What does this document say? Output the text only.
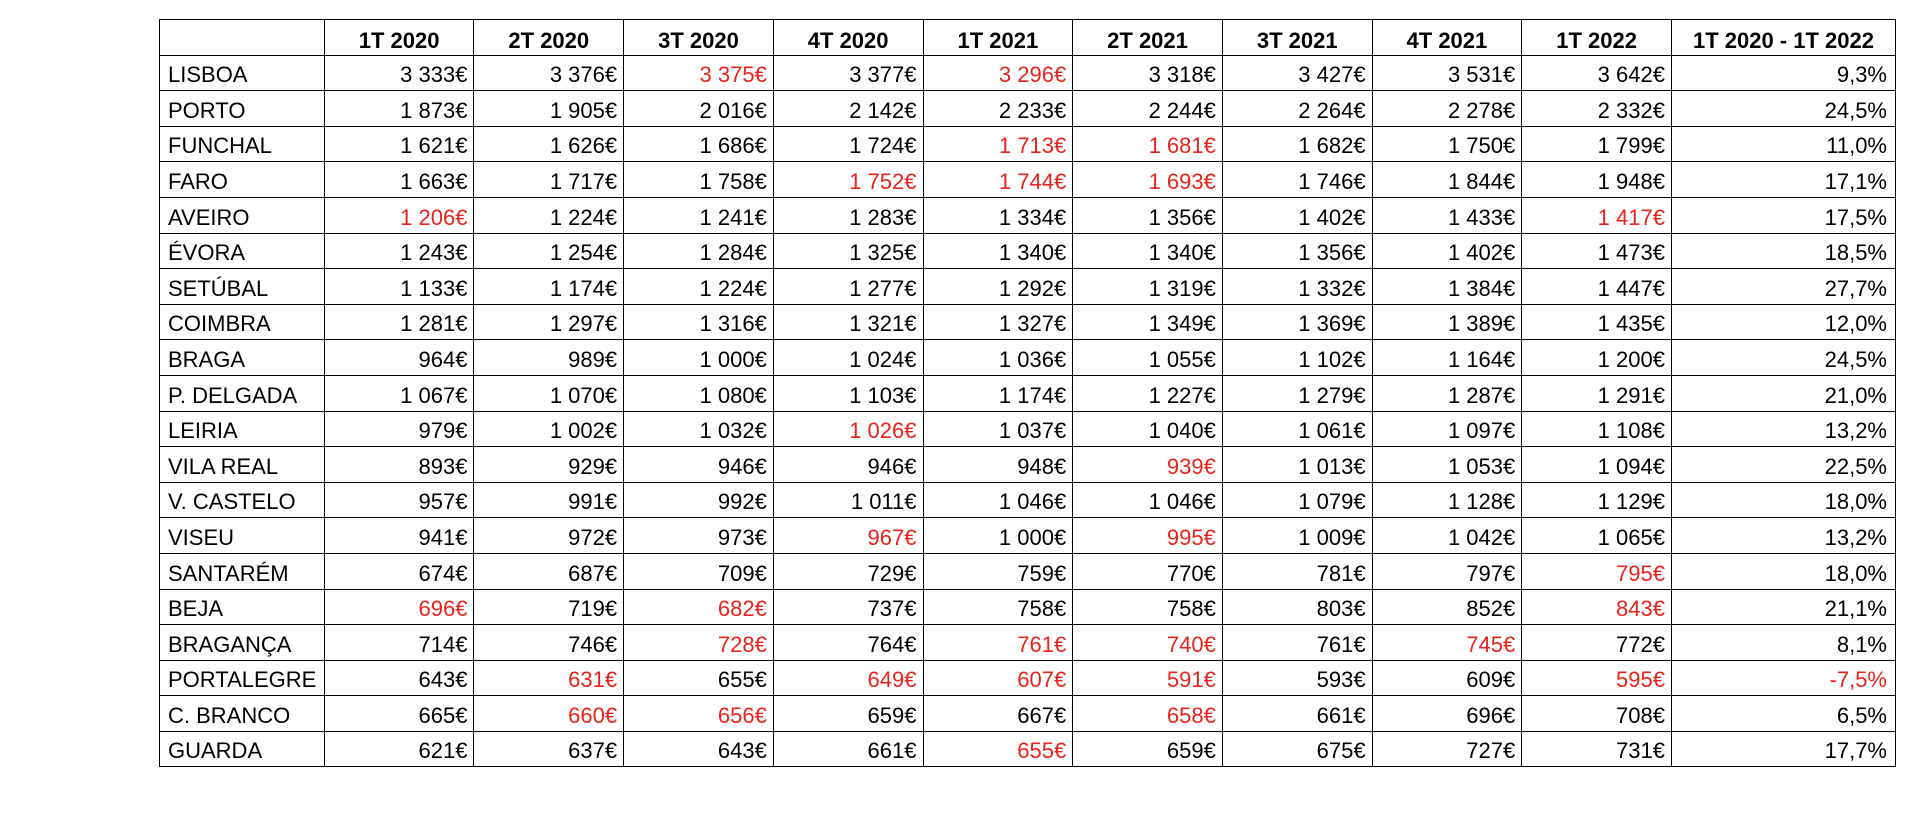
	1T 2020	2T 2020	3T 2020	4T 2020	1T 2021	2T 2021	3T 2021	4T 2021	1T 2022	1T 2020 - 1T 2022
LISBOA	3 333€	3 376€	3 375€	3 377€	3 296€	3 318€	3 427€	3 531€	3 642€	9,3%
PORTO	1 873€	1 905€	2 016€	2 142€	2 233€	2 244€	2 264€	2 278€	2 332€	24,5%
FUNCHAL	1 621€	1 626€	1 686€	1 724€	1 713€	1 681€	1 682€	1 750€	1 799€	11,0%
FARO	1 663€	1 717€	1 758€	1 752€	1 744€	1 693€	1 746€	1 844€	1 948€	17,1%
AVEIRO	1 206€	1 224€	1 241€	1 283€	1 334€	1 356€	1 402€	1 433€	1 417€	17,5%
ÉVORA	1 243€	1 254€	1 284€	1 325€	1 340€	1 340€	1 356€	1 402€	1 473€	18,5%
SETÚBAL	1 133€	1 174€	1 224€	1 277€	1 292€	1 319€	1 332€	1 384€	1 447€	27,7%
COIMBRA	1 281€	1 297€	1 316€	1 321€	1 327€	1 349€	1 369€	1 389€	1 435€	12,0%
BRAGA	964€	989€	1 000€	1 024€	1 036€	1 055€	1 102€	1 164€	1 200€	24,5%
P. DELGADA	1 067€	1 070€	1 080€	1 103€	1 174€	1 227€	1 279€	1 287€	1 291€	21,0%
LEIRIA	979€	1 002€	1 032€	1 026€	1 037€	1 040€	1 061€	1 097€	1 108€	13,2%
VILA REAL	893€	929€	946€	946€	948€	939€	1 013€	1 053€	1 094€	22,5%
V. CASTELO	957€	991€	992€	1 011€	1 046€	1 046€	1 079€	1 128€	1 129€	18,0%
VISEU	941€	972€	973€	967€	1 000€	995€	1 009€	1 042€	1 065€	13,2%
SANTARÉM	674€	687€	709€	729€	759€	770€	781€	797€	795€	18,0%
BEJA	696€	719€	682€	737€	758€	758€	803€	852€	843€	21,1%
BRAGANÇA	714€	746€	728€	764€	761€	740€	761€	745€	772€	8,1%
PORTALEGRE	643€	631€	655€	649€	607€	591€	593€	609€	595€	-7,5%
C. BRANCO	665€	660€	656€	659€	667€	658€	661€	696€	708€	6,5%
GUARDA	621€	637€	643€	661€	655€	659€	675€	727€	731€	17,7%
